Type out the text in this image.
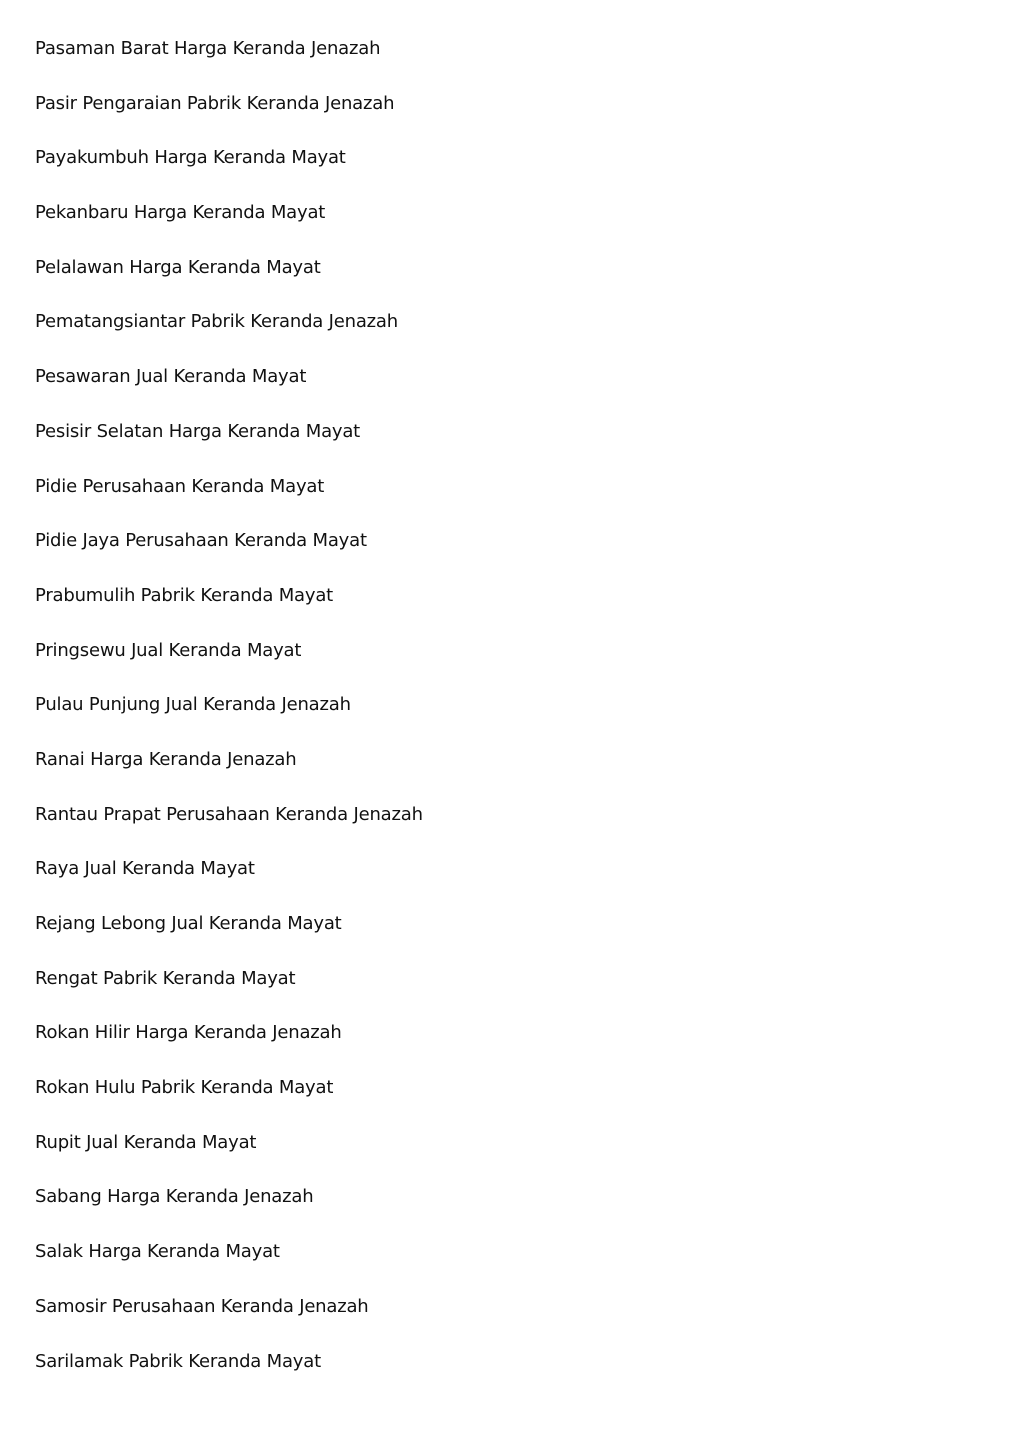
Pasaman Barat Harga Keranda Jenazah
Pasir Pengaraian Pabrik Keranda Jenazah
Payakumbuh Harga Keranda Mayat
Pekanbaru Harga Keranda Mayat
Pelalawan Harga Keranda Mayat
Pematangsiantar Pabrik Keranda Jenazah
Pesawaran Jual Keranda Mayat
Pesisir Selatan Harga Keranda Mayat
Pidie Perusahaan Keranda Mayat
Pidie Jaya Perusahaan Keranda Mayat
Prabumulih Pabrik Keranda Mayat
Pringsewu Jual Keranda Mayat
Pulau Punjung Jual Keranda Jenazah
Ranai Harga Keranda Jenazah
Rantau Prapat Perusahaan Keranda Jenazah
Raya Jual Keranda Mayat
Rejang Lebong Jual Keranda Mayat
Rengat Pabrik Keranda Mayat
Rokan Hilir Harga Keranda Jenazah
Rokan Hulu Pabrik Keranda Mayat
Rupit Jual Keranda Mayat
Sabang Harga Keranda Jenazah
Salak Harga Keranda Mayat
Samosir Perusahaan Keranda Jenazah
Sarilamak Pabrik Keranda Mayat
